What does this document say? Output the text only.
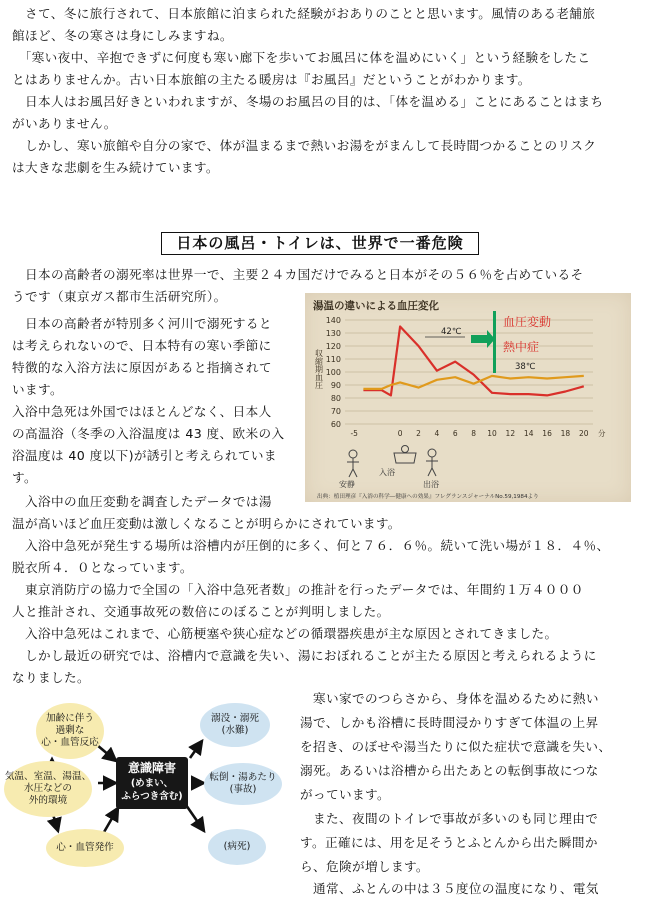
　さて、冬に旅行されて、日本旅館に泊まられた経験がおありのことと思います。風情のある老舗旅

館ほど、冬の寒さは身にしみますね。

　「寒い夜中、辛抱できずに何度も寒い廊下を歩いてお風呂に体を温めにいく」という経験をしたこ

とはありませんか。古い日本旅館の主たる暖房は『お風呂』だということがわかります。

　日本人はお風呂好きといわれますが、冬場のお風呂の目的は、「体を温める」ことにあることはまち

がいありません。

　しかし、寒い旅館や自分の家で、体が温まるまで熱いお湯をがまんして長時間つかることのリスク

は大きな悲劇を生み続けています。

日本の風呂・トイレは、世界で一番危険

　日本の高齢者の溺死率は世界一で、主要２４カ国だけでみると日本がその５６％を占めているそ

うです（東京ガス都市生活研究所）。

　日本の高齢者が特別多く河川で溺死すると

は考えられないので、日本特有の寒い季節に

特徴的な入浴方法に原因があると指摘されて

います。

入浴中急死は外国ではほとんどなく、日本人

の高温浴（冬季の入浴温度は 43 度、欧米の入

浴温度は 40 度以下)が誘引と考えられていま

す。

　入浴中の血圧変動を調査したデータでは湯

温が高いほど血圧変動は激しくなることが明らかにされています。

　入浴中急死が発生する場所は浴槽内が圧倒的に多く、何と７６．６％。続いて洗い場が１８．４％、

脱衣所４．０となっています。

　東京消防庁の協力で全国の「入浴中急死者数」の推計を行ったデータでは、年間約１万４０００

人と推計され、交通事故死の数倍にのぼることが判明しました。

　入浴中急死はこれまで、心筋梗塞や狭心症などの循環器疾患が主な原因とされてきました。

　しかし最近の研究では、浴槽内で意識を失い、湯におぼれることが主たる原因と考えられるように

なりました。

湯温の違いによる血圧変化
収縮期血圧
140
130
120
110
100
90
80
70
60
-5	0 2 4 6 8 10 12 14 16 18 20 分
血圧変動
熱中症
42℃
38℃
安静
入浴
出浴
出典：植田理彦『入浴の科学―健康への効果』フレグランスジャーナルNo.59,1984より

　寒い家でのつらさから、身体を温めるために熱い

湯で、しかも浴槽に長時間浸かりすぎて体温の上昇

を招き、のぼせや湯当たりに似た症状で意識を失い、

溺死。あるいは浴槽から出たあとの転倒事故につな

がっています。

　また、夜間のトイレで事故が多いのも同じ理由で

す。正確には、用を足そうとふとんから出た瞬間か

ら、危険が増します。

　通常、ふとんの中は３５度位の温度になり、電気

加齢に伴う
過剰な
心・血管反応
気温、室温、湯温、
水圧などの
外的環境
心・血管発作
意識障害
(めまい、
ふらつき含む)
溺没・溺死
(水難)
転倒・湯あたり
(事故)
(病死)
